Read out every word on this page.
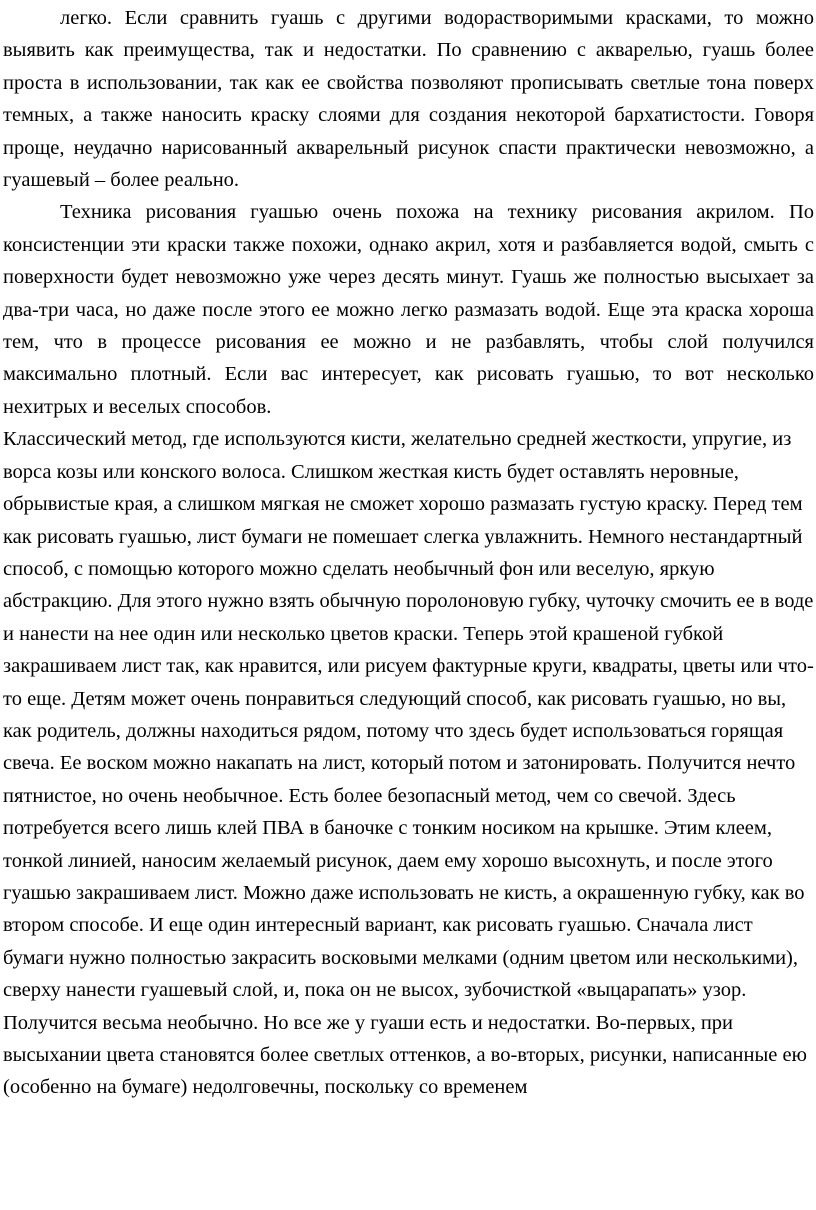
легко. Если сравнить гуашь с другими водорастворимыми красками, то можно выявить как преимущества, так и недостатки. По сравнению с акварелью, гуашь более проста в использовании, так как ее свойства позволяют прописывать светлые тона поверх темных, а также наносить краску слоями для создания некоторой бархатистости. Говоря проще, неудачно нарисованный акварельный рисунок спасти практически невозможно, а гуашевый – более реально.

Техника рисования гуашью очень похожа на технику рисования акрилом. По консистенции эти краски также похожи, однако акрил, хотя и разбавляется водой, смыть с поверхности будет невозможно уже через десять минут. Гуашь же полностью высыхает за два-три часа, но даже после этого ее можно легко размазать водой. Еще эта краска хороша тем, что в процессе рисования ее можно и не разбавлять, чтобы слой получился максимально плотный. Если вас интересует, как рисовать гуашью, то вот несколько нехитрых и веселых способов.

Классический метод, где используются кисти, желательно средней жесткости, упругие, из ворса козы или конского волоса. Слишком жесткая кисть будет оставлять неровные, обрывистые края, а слишком мягкая не сможет хорошо размазать густую краску. Перед тем как рисовать гуашью, лист бумаги не помешает слегка увлажнить. Немного нестандартный способ, с помощью которого можно сделать необычный фон или веселую, яркую абстракцию. Для этого нужно взять обычную поролоновую губку, чуточку смочить ее в воде и нанести на нее один или несколько цветов краски. Теперь этой крашеной губкой закрашиваем лист так, как нравится, или рисуем фактурные круги, квадраты, цветы или что-то еще. Детям может очень понравиться следующий способ, как рисовать гуашью, но вы, как родитель, должны находиться рядом, потому что здесь будет использоваться горящая свеча. Ее воском можно накапать на лист, который потом и затонировать. Получится нечто пятнистое, но очень необычное. Есть более безопасный метод, чем со свечой. Здесь потребуется всего лишь клей ПВА в баночке с тонким носиком на крышке. Этим клеем, тонкой линией, наносим желаемый рисунок, даем ему хорошо высохнуть, и после этого гуашью закрашиваем лист. Можно даже использовать не кисть, а окрашенную губку, как во втором способе. И еще один интересный вариант, как рисовать гуашью. Сначала лист бумаги нужно полностью закрасить восковыми мелками (одним цветом или несколькими), сверху нанести гуашевый слой, и, пока он не высох, зубочисткой «выцарапать» узор. Получится весьма необычно. Но все же у гуаши есть и недостатки. Во-первых, при высыхании цвета становятся более светлых оттенков, а во-вторых, рисунки, написанные ею (особенно на бумаге) недолговечны, поскольку со временем
